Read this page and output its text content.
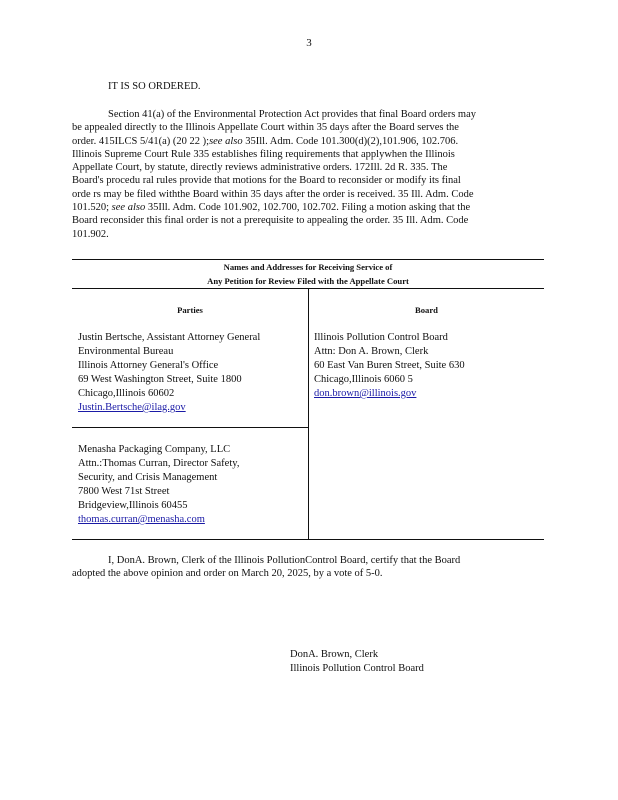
3
IT IS SO ORDERED.
Section 41(a) of the Environmental Protection Act provides that final Board orders may
be appealed directly to the Illinois Appellate Court within 35 days after the Board serves the
order. 415ILCS 5/41(a) (20 22 );see also 35Ill. Adm. Code 101.300(d)(2),101.906, 102.706.
Illinois Supreme Court Rule 335 establishes filing requirements that applywhen the Illinois
Appellate Court, by statute, directly reviews administrative orders. 172Ill. 2d R. 335. The
Board's procedu ral rules provide that motions for the Board to reconsider or modify its final
orde rs may be filed withthe Board within 35 days after the order is received. 35 Ill. Adm. Code
101.520; see also 35Ill. Adm. Code 101.902, 102.700, 102.702. Filing a motion asking that the
Board reconsider this final order is not a prerequisite to appealing the order. 35 Ill. Adm. Code
101.902.
Names and Addresses for Receiving Service of
Any Petition for Review Filed with the Appellate Court
Parties	Board
Justin Bertsche, Assistant Attorney General
Environmental Bureau
Illinois Attorney General's Office
69 West Washington Street, Suite 1800
Chicago,Illinois 60602
Justin.Bertsche@ilag.gov
Menasha Packaging Company, LLC
Attn.:Thomas Curran, Director Safety,
Security, and Crisis Management
7800 West 71st Street
Bridgeview,Illinois 60455
thomas.curran@menasha.com
Illinois Pollution Control Board
Attn: Don A. Brown, Clerk
60 East Van Buren Street, Suite 630
Chicago,Illinois 6060 5
don.brown@illinois.gov
I, DonA. Brown, Clerk of the Illinois PollutionControl Board, certify that the Board
adopted the above opinion and order on March 20, 2025, by a vote of 5-0.
DonA. Brown, Clerk
Illinois Pollution Control Board
